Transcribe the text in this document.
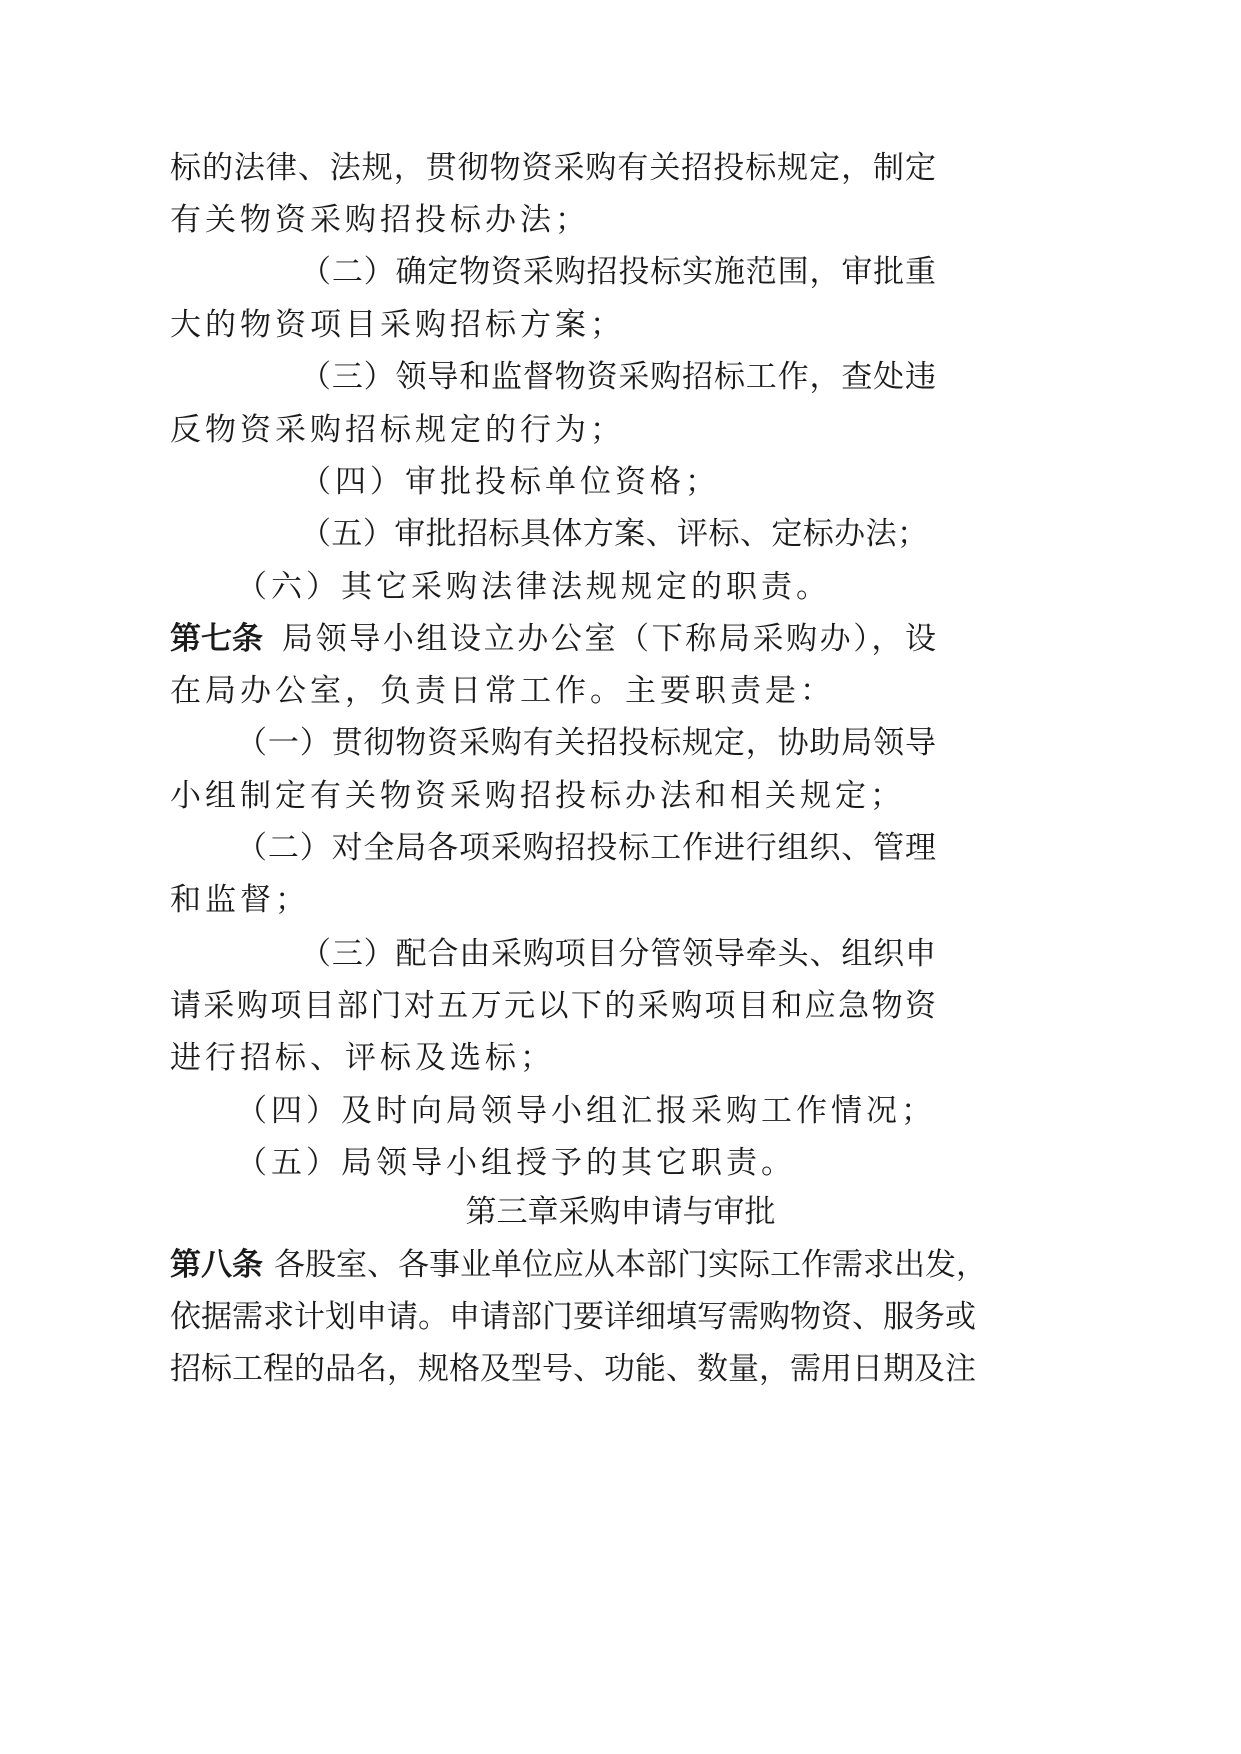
标的法律、法规，贯彻物资采购有关招投标规定，制定
有关物资采购招投标办法；
（二）确定物资采购招投标实施范围，审批重
大的物资项目采购招标方案；
（三）领导和监督物资采购招标工作，查处违
反物资采购招标规定的行为；
（四）审批投标单位资格；
（五）审批招标具体方案、评标、定标办法；
（六）其它采购法律法规规定的职责。
第七条 局领导小组设立办公室（下称局采购办），设
在局办公室，负责日常工作。主要职责是：
（一）贯彻物资采购有关招投标规定，协助局领导
小组制定有关物资采购招投标办法和相关规定；
（二）对全局各项采购招投标工作进行组织、管理
和监督；
（三）配合由采购项目分管领导牵头、组织申
请采购项目部门对五万元以下的采购项目和应急物资
进行招标、评标及选标；
（四）及时向局领导小组汇报采购工作情况；
（五）局领导小组授予的其它职责。
第三章采购申请与审批
第八条 各股室、各事业单位应从本部门实际工作需求出发，
依据需求计划申请。申请部门要详细填写需购物资、服务或
招标工程的品名，规格及型号、功能、数量，需用日期及注
